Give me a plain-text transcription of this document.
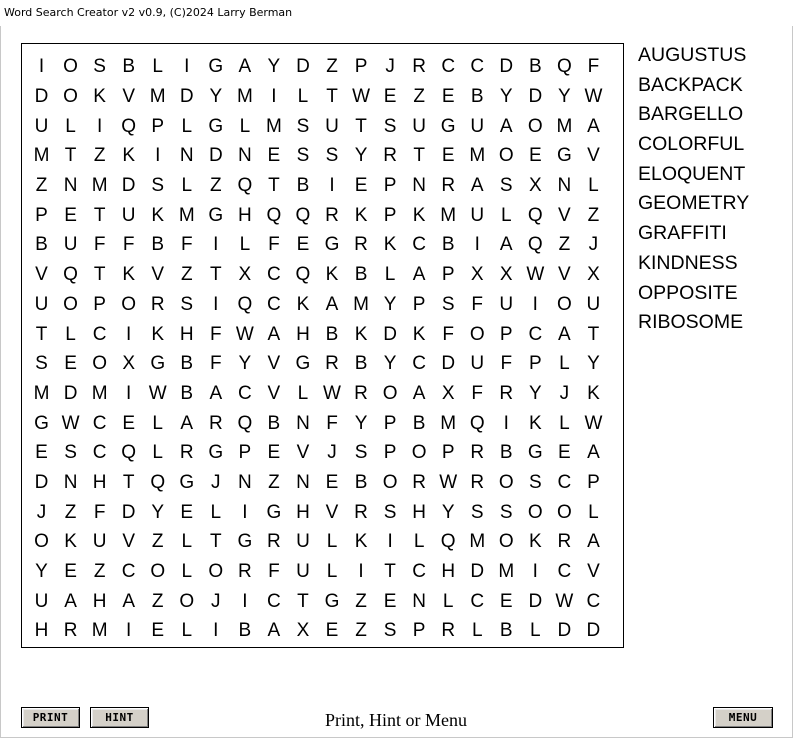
Word Search Creator v2 v0.9, (C)2024 Larry Berman
I	O S B L	I	G A Y D Z P J R C C D B Q F
D O K V M D Y M I	L T W E Z E B Y D Y W
U L	I	Q P L G L M S U T S U G U A O M A
M T Z K	I	N D N E S S Y R T E M O E G V
Z N M D S L Z Q T B	I	E P N R A S X N L
P E T U K M G H Q Q R K P K M U L Q V Z
B U F F B F	I	L F E G R K C B	I	A Q Z J
V Q T K V Z T X C Q K B L A P X X W V X
U O P O R S	I	Q C K A M Y P S F U	I	O U
T L C	I	K H F W A H B K D K F O P C A T
S E O X G B F Y V G R B Y C D U F P L Y
M D M I W B A C V L W R O A X F R Y J K
G W C E L A R Q B N F Y P B M Q	I	K L W
E S C Q L R G P E V J S P O P R B G E A
D N H T Q G J N Z N E B O R W R O S C P
J Z F D Y E L	I	G H V R S H Y S S O O L
O K U V Z L T G R U L K	I	L Q M O K R A
Y E Z C O L O R F U L	I	T C H D M I	C V
U A H A Z O J	I	C T G Z E N L C E D W C
H R M I	E L	I	B A X E Z S P R L B L D D
AUGUSTUS
BACKPACK
BARGELLO
COLORFUL
ELOQUENT
GEOMETRY
GRAFFITI
KINDNESS
OPPOSITE
RIBOSOME
PRINT	HINT	Print, Hint or Menu	MENU
